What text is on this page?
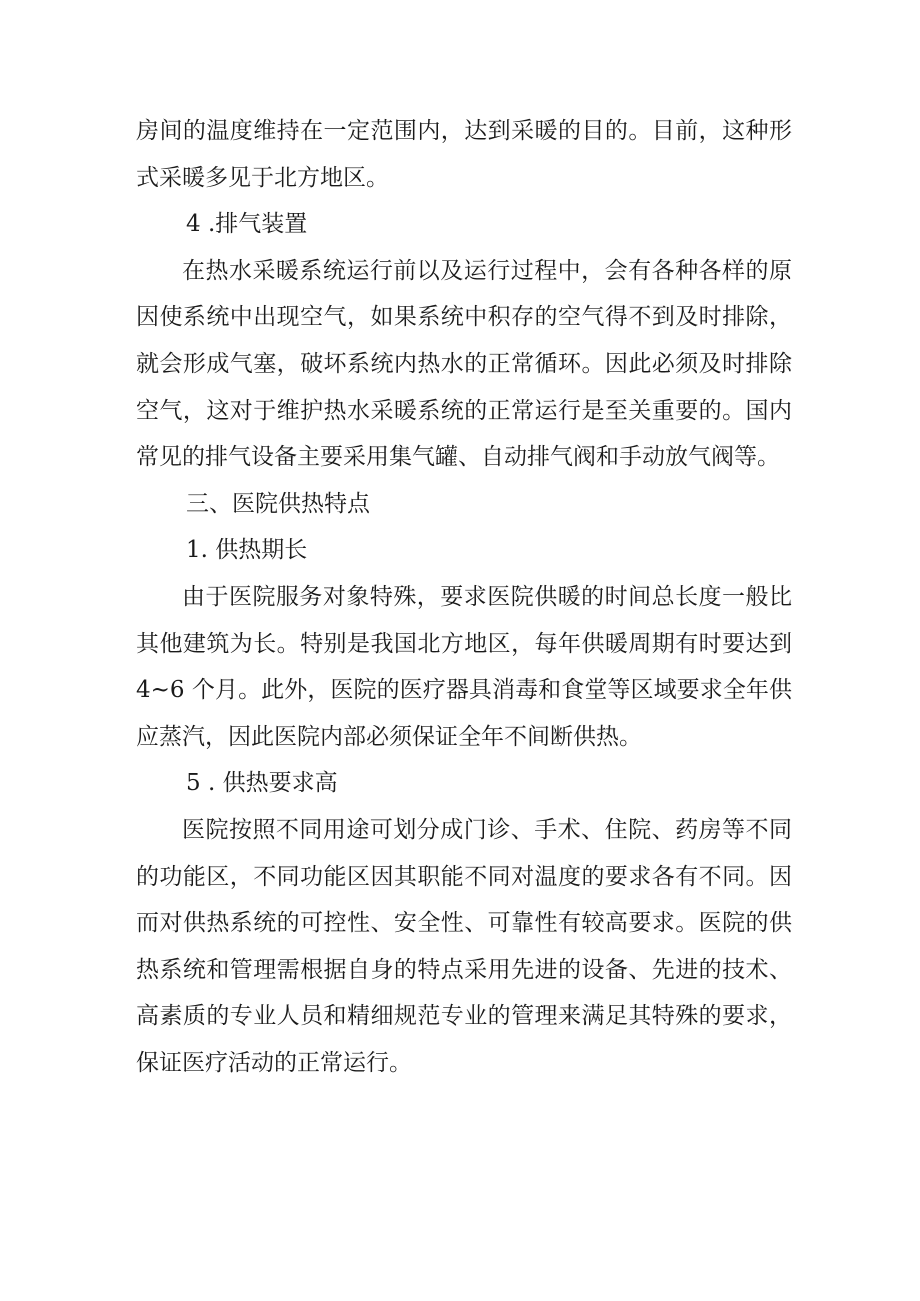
房间的温度维持在一定范围内，达到采暖的目的。目前，这种形
式采暖多见于北方地区。
4 .排气装置
在热水采暖系统运行前以及运行过程中，会有各种各样的原
因使系统中出现空气，如果系统中积存的空气得不到及时排除，
就会形成气塞，破坏系统内热水的正常循环。因此必须及时排除
空气，这对于维护热水采暖系统的正常运行是至关重要的。国内
常见的排气设备主要采用集气罐、自动排气阀和手动放气阀等。
三、医院供热特点
1. 供热期长
由于医院服务对象特殊，要求医院供暖的时间总长度一般比
其他建筑为长。特别是我国北方地区，每年供暖周期有时要达到
4~6 个月。此外，医院的医疗器具消毒和食堂等区域要求全年供
应蒸汽，因此医院内部必须保证全年不间断供热。
5 . 供热要求高
医院按照不同用途可划分成门诊、手术、住院、药房等不同
的功能区，不同功能区因其职能不同对温度的要求各有不同。因
而对供热系统的可控性、安全性、可靠性有较高要求。医院的供
热系统和管理需根据自身的特点采用先进的设备、先进的技术、
高素质的专业人员和精细规范专业的管理来满足其特殊的要求，
保证医疗活动的正常运行。
